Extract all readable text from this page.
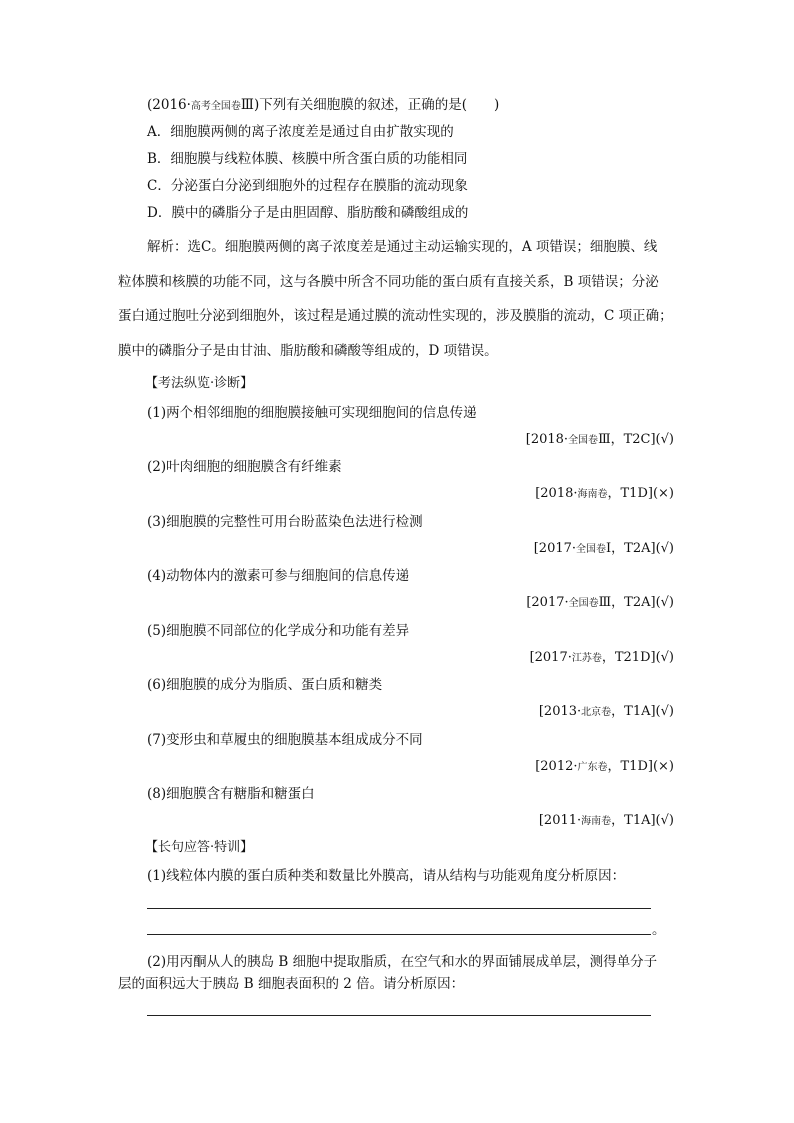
(2016·高考全国卷Ⅲ)下列有关细胞膜的叙述，正确的是(　　)
A．细胞膜两侧的离子浓度差是通过自由扩散实现的
B．细胞膜与线粒体膜、核膜中所含蛋白质的功能相同
C．分泌蛋白分泌到细胞外的过程存在膜脂的流动现象
D．膜中的磷脂分子是由胆固醇、脂肪酸和磷酸组成的
解析：选C。细胞膜两侧的离子浓度差是通过主动运输实现的，A 项错误；细胞膜、线
粒体膜和核膜的功能不同，这与各膜中所含不同功能的蛋白质有直接关系，B 项错误；分泌
蛋白通过胞吐分泌到细胞外，该过程是通过膜的流动性实现的，涉及膜脂的流动，C 项正确；
膜中的磷脂分子是由甘油、脂肪酸和磷酸等组成的，D 项错误。
【考法纵览·诊断】
(1)两个相邻细胞的细胞膜接触可实现细胞间的信息传递
[2018·全国卷Ⅲ，T2C](√)
(2)叶肉细胞的细胞膜含有纤维素
[2018·海南卷，T1D](×)
(3)细胞膜的完整性可用台盼蓝染色法进行检测
[2017·全国卷Ⅰ，T2A](√)
(4)动物体内的激素可参与细胞间的信息传递
[2017·全国卷Ⅲ，T2A](√)
(5)细胞膜不同部位的化学成分和功能有差异
[2017·江苏卷，T21D](√)
(6)细胞膜的成分为脂质、蛋白质和糖类
[2013·北京卷，T1A](√)
(7)变形虫和草履虫的细胞膜基本组成成分不同
[2012·广东卷，T1D](×)
(8)细胞膜含有糖脂和糖蛋白
[2011·海南卷，T1A](√)
【长句应答·特训】
(1)线粒体内膜的蛋白质种类和数量比外膜高，请从结构与功能观角度分析原因：
。
(2)用丙酮从人的胰岛 B 细胞中提取脂质，在空气和水的界面铺展成单层，测得单分子
层的面积远大于胰岛 B 细胞表面积的 2 倍。请分析原因：
